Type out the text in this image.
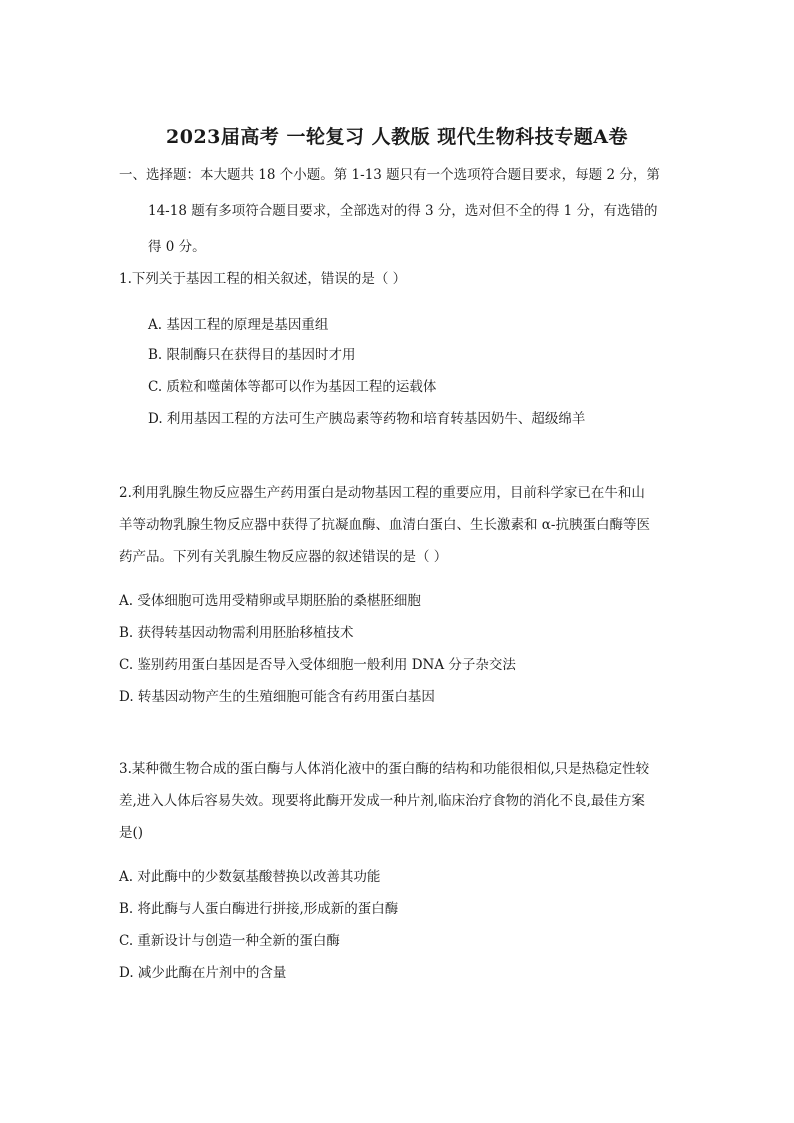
2023届高考 一轮复习 人教版 现代生物科技专题A卷
一、选择题：本大题共 18 个小题。第 1-13 题只有一个选项符合题目要求，每题 2 分，第
14-18 题有多项符合题目要求，全部选对的得 3 分，选对但不全的得 1 分，有选错的
得 0 分。
1.下列关于基因工程的相关叙述，错误的是（ ）
A. 基因工程的原理是基因重组
B. 限制酶只在获得目的基因时才用
C. 质粒和噬菌体等都可以作为基因工程的运载体
D. 利用基因工程的方法可生产胰岛素等药物和培育转基因奶牛、超级绵羊
2.利用乳腺生物反应器生产药用蛋白是动物基因工程的重要应用，目前科学家已在牛和山
羊等动物乳腺生物反应器中获得了抗凝血酶、血清白蛋白、生长激素和 α-抗胰蛋白酶等医
药产品。下列有关乳腺生物反应器的叙述错误的是（ ）
A. 受体细胞可选用受精卵或早期胚胎的桑椹胚细胞
B. 获得转基因动物需利用胚胎移植技术
C. 鉴别药用蛋白基因是否导入受体细胞一般利用 DNA 分子杂交法
D. 转基因动物产生的生殖细胞可能含有药用蛋白基因
3.某种微生物合成的蛋白酶与人体消化液中的蛋白酶的结构和功能很相似,只是热稳定性较
差,进入人体后容易失效。现要将此酶开发成一种片剂,临床治疗食物的消化不良,最佳方案
是()
A. 对此酶中的少数氨基酸替换以改善其功能
B. 将此酶与人蛋白酶进行拼接,形成新的蛋白酶
C. 重新设计与创造一种全新的蛋白酶
D. 减少此酶在片剂中的含量
